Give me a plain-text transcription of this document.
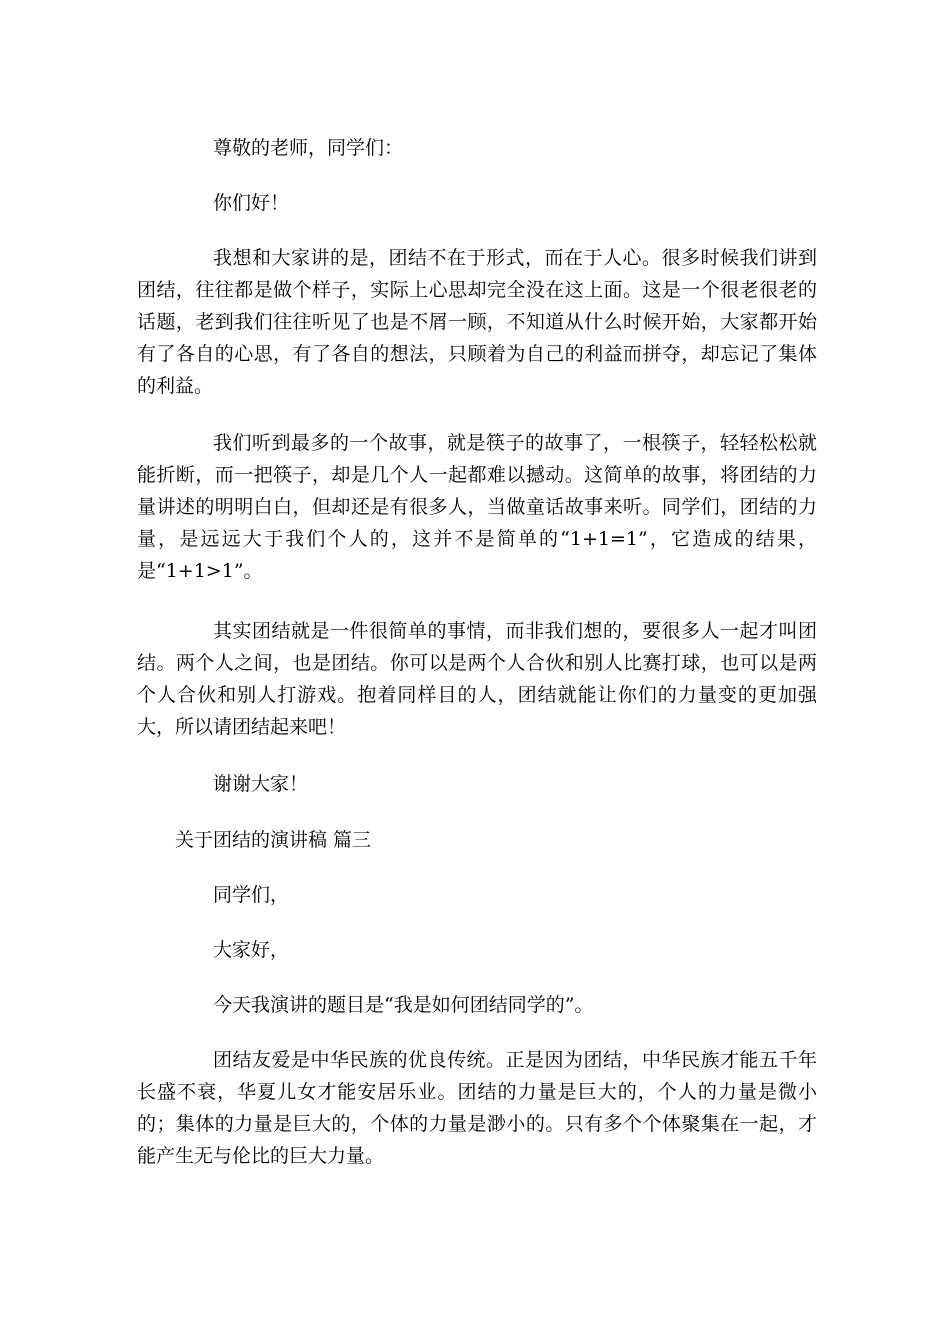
尊敬的老师，同学们：

你们好！

我想和大家讲的是，团结不在于形式，而在于人心。很多时候我们讲到团结，往往都是做个样子，实际上心思却完全没在这上面。这是一个很老很老的话题，老到我们往往听见了也是不屑一顾，不知道从什么时候开始，大家都开始有了各自的心思，有了各自的想法，只顾着为自己的利益而拼夺，却忘记了集体的利益。

我们听到最多的一个故事，就是筷子的故事了，一根筷子，轻轻松松就能折断，而一把筷子，却是几个人一起都难以撼动。这简单的故事，将团结的力量讲述的明明白白，但却还是有很多人，当做童话故事来听。同学们，团结的力量，是远远大于我们个人的，这并不是简单的“1+1=1”，它造成的结果，是“1+1>1”。

其实团结就是一件很简单的事情，而非我们想的，要很多人一起才叫团结。两个人之间，也是团结。你可以是两个人合伙和别人比赛打球，也可以是两个人合伙和别人打游戏。抱着同样目的人，团结就能让你们的力量变的更加强大，所以请团结起来吧！

谢谢大家！

关于团结的演讲稿 篇三

同学们，

大家好，

今天我演讲的题目是“我是如何团结同学的”。

团结友爱是中华民族的优良传统。正是因为团结，中华民族才能五千年长盛不衰，华夏儿女才能安居乐业。团结的力量是巨大的，个人的力量是微小的；集体的力量是巨大的，个体的力量是渺小的。只有多个个体聚集在一起，才能产生无与伦比的巨大力量。
